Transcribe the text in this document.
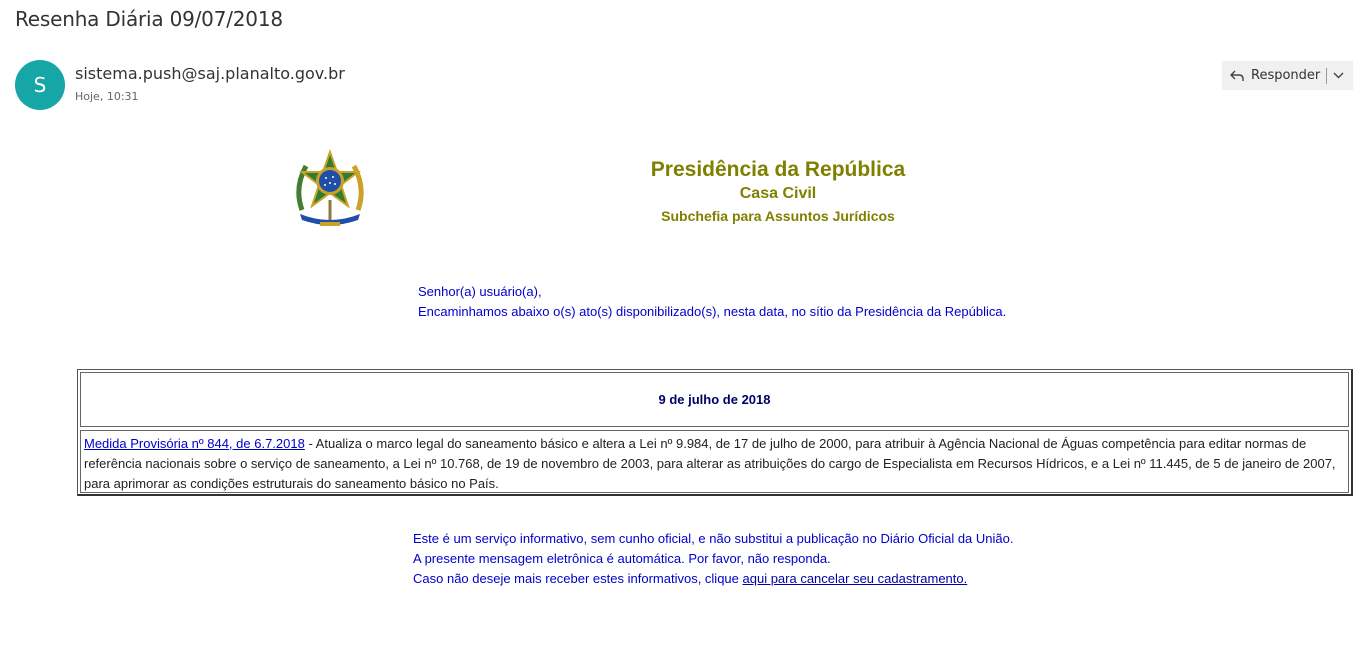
Resenha Diária 09/07/2018
S sistema.push@saj.planalto.gov.br
Hoje, 10:31
Responder
Presidência da República
Casa Civil
Subchefia para Assuntos Jurídicos
Senhor(a) usuário(a),
Encaminhamos abaixo o(s) ato(s) disponibilizado(s), nesta data, no sítio da Presidência da República.
9 de julho de 2018
Medida Provisória nº 844, de 6.7.2018 - Atualiza o marco legal do saneamento básico e altera a Lei nº 9.984, de 17 de julho de 2000, para atribuir à Agência Nacional de Águas competência para editar normas de referência nacionais sobre o serviço de saneamento, a Lei nº 10.768, de 19 de novembro de 2003, para alterar as atribuições do cargo de Especialista em Recursos Hídricos, e a Lei nº 11.445, de 5 de janeiro de 2007, para aprimorar as condições estruturais do saneamento básico no País.
Este é um serviço informativo, sem cunho oficial, e não substitui a publicação no Diário Oficial da União.
A presente mensagem eletrônica é automática. Por favor, não responda.
Caso não deseje mais receber estes informativos, clique aqui para cancelar seu cadastramento.
